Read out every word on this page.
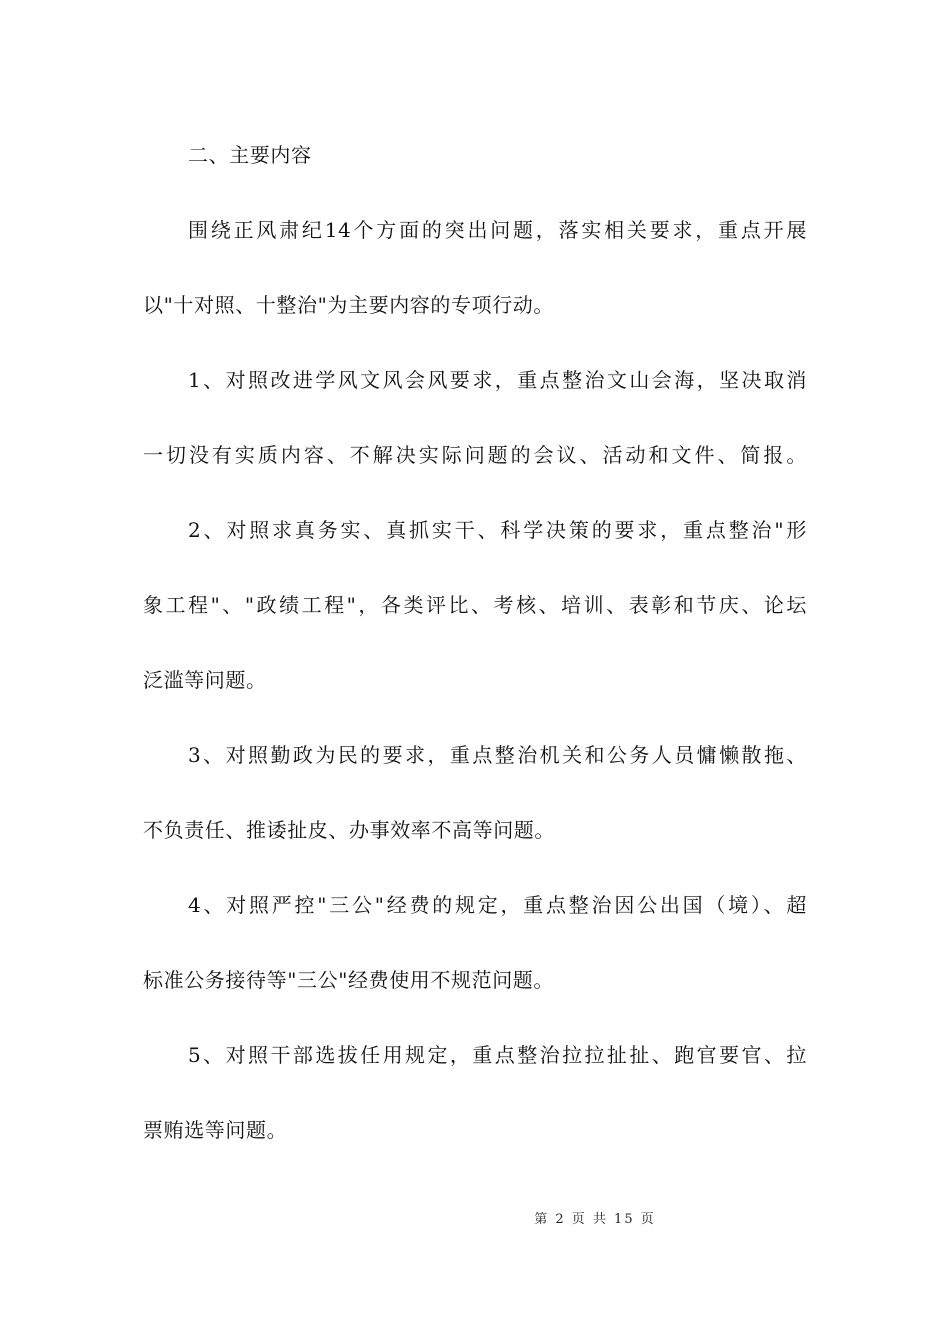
二、主要内容
围绕正风肃纪14个方面的突出问题，落实相关要求，重点开展
以"十对照、十整治"为主要内容的专项行动。
1、对照改进学风文风会风要求，重点整治文山会海，坚决取消
一切没有实质内容、不解决实际问题的会议、活动和文件、简报。
2、对照求真务实、真抓实干、科学决策的要求，重点整治"形
象工程"、"政绩工程"，各类评比、考核、培训、表彰和节庆、论坛
泛滥等问题。
3、对照勤政为民的要求，重点整治机关和公务人员慵懒散拖、
不负责任、推诿扯皮、办事效率不高等问题。
4、对照严控"三公"经费的规定，重点整治因公出国（境）、超
标准公务接待等"三公"经费使用不规范问题。
5、对照干部选拔任用规定，重点整治拉拉扯扯、跑官要官、拉
票贿选等问题。
第 2 页 共 15 页
